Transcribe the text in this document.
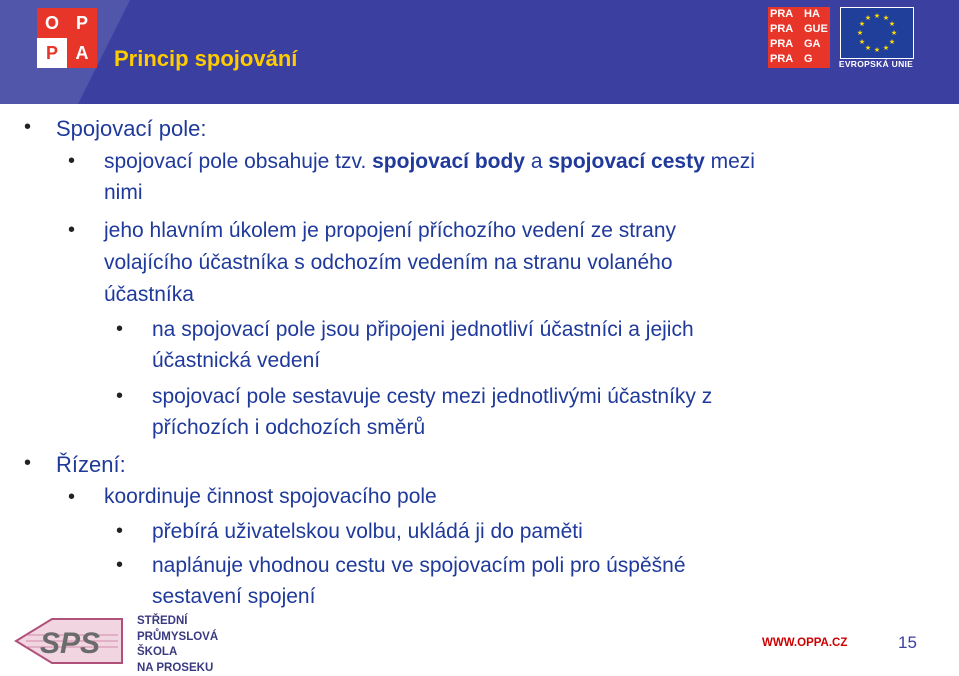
O P
P A	Princip spojování
PRA HA
PRA GUE
PRA GA
PRA G
★ ★
★
★
★
★
★
★
★
★
★
★
EVROPSKÁ UNIE
• Spojovací pole:
• spojovací pole obsahuje tzv. spojovací body a spojovací cesty mezi
nimi
• jeho hlavním úkolem je propojení příchozího vedení ze strany
volajícího účastníka s odchozím vedením na stranu volaného
účastníka
• na spojovací pole jsou připojeni jednotliví účastníci a jejich
účastnická vedení
• spojovací pole sestavuje cesty mezi jednotlivými účastníky z
příchozích i odchozích směrů
• Řízení:
• koordinuje činnost spojovacího pole
• přebírá uživatelskou volbu, ukládá ji do paměti
• naplánuje vhodnou cestu ve spojovacím poli pro úspěšné
sestavení spojení
SPS
STŘEDNÍ
PRŮMYSLOVÁ
ŠKOLA
NA PROSEKU
WWW.OPPA.CZ	15
